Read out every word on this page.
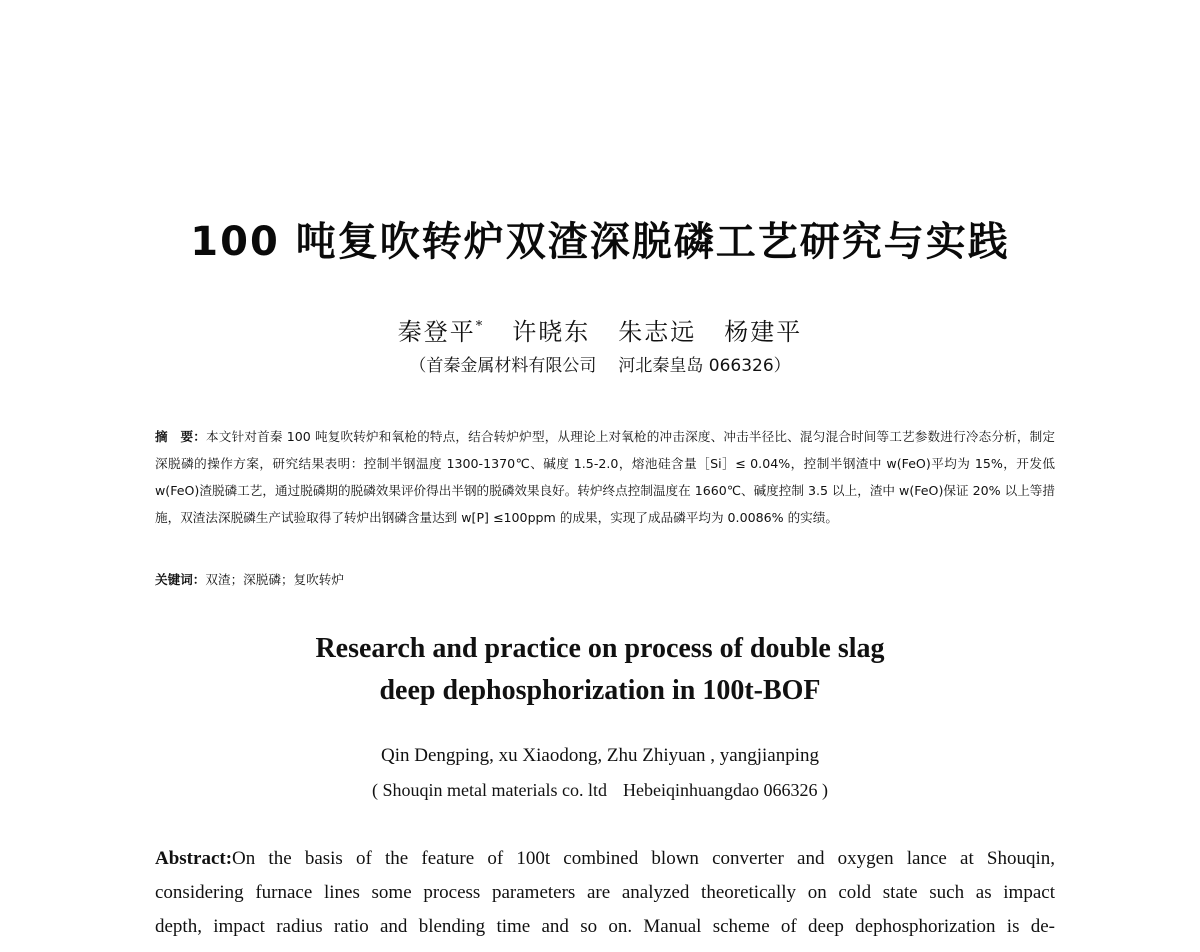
100 吨复吹转炉双渣深脱磷工艺研究与实践
秦登平* 许晓东 朱志远 杨建平
（首秦金属材料有限公司 河北秦皇岛 066326）
摘　要：本文针对首秦 100 吨复吹转炉和氧枪的特点，结合转炉炉型，从理论上对氧枪的冲击深度、冲击半径比、混匀混合时间等工艺参数进行冷态分析，制定深脱磷的操作方案，研究结果表明：控制半钢温度 1300-1370℃、碱度 1.5-2.0，熔池硅含量［Si］≤ 0.04%，控制半钢渣中 w(FeO)平均为 15%，开发低 w(FeO)渣脱磷工艺，通过脱磷期的脱磷效果评价得出半钢的脱磷效果良好。转炉终点控制温度在 1660℃、碱度控制 3.5 以上，渣中 w(FeO)保证 20% 以上等措施，双渣法深脱磷生产试验取得了转炉出钢磷含量达到 w[P] ≤100ppm 的成果，实现了成品磷平均为 0.0086% 的实绩。
关键词：双渣；深脱磷；复吹转炉
Research and practice on process of double slag
deep dephosphorization in 100t-BOF
Qin Dengping, xu Xiaodong, Zhu Zhiyuan , yangjianping
( Shouqin metal materials co. ltd Hebeiqinhuangdao 066326 )
Abstract:On the basis of the feature of 100t combined blown converter and oxygen lance at Shouqin,
considering furnace lines some process parameters are analyzed theoretically on cold state such as impact
depth, impact radius ratio and blending time and so on. Manual scheme of deep dephosphorization is de-
